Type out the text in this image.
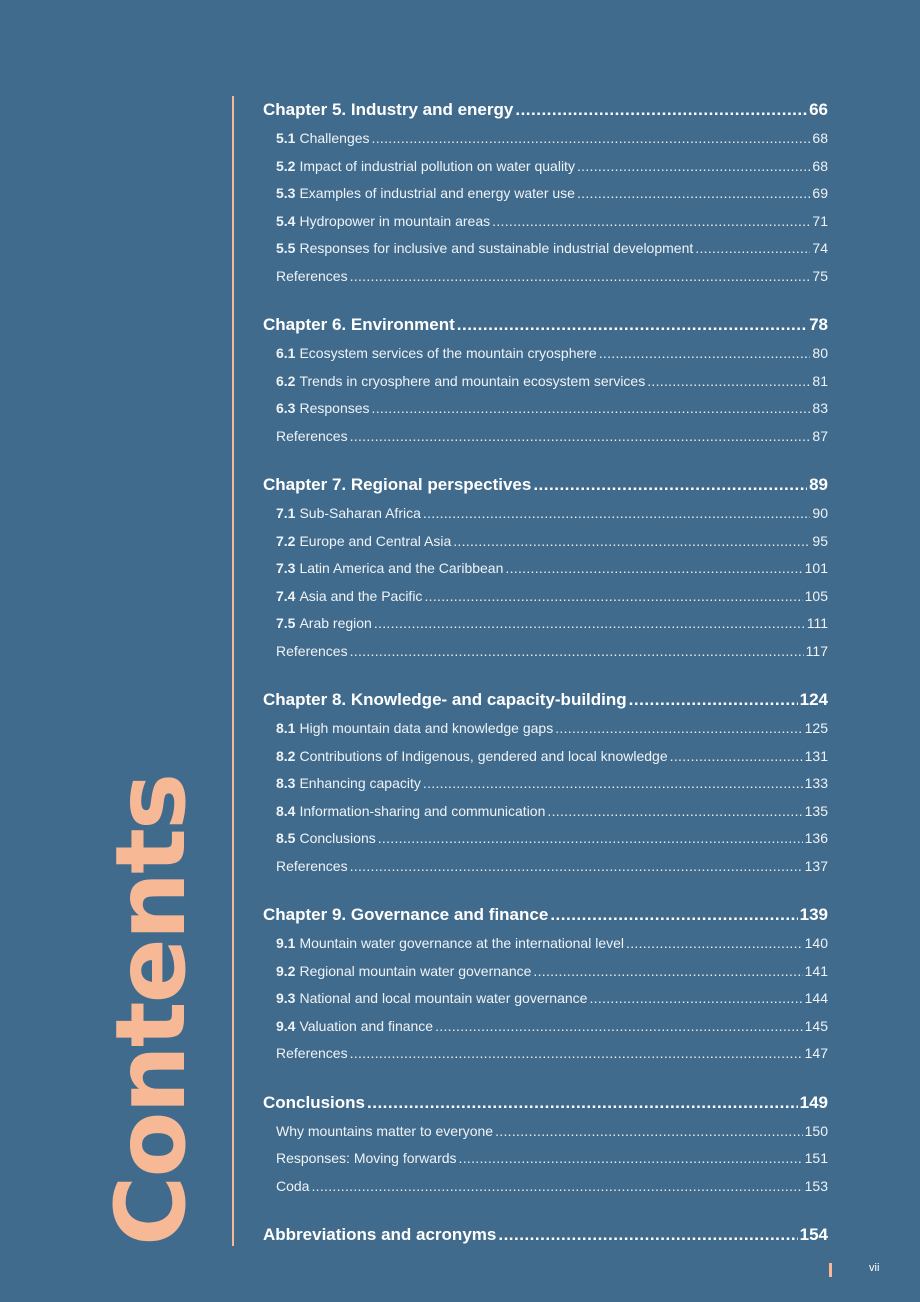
Contents
Chapter 5. Industry and energy .....	66
5.1 Challenges .....	68
5.2 Impact of industrial pollution on water quality .....	68
5.3 Examples of industrial and energy water use .....	69
5.4 Hydropower in mountain areas .....	71
5.5 Responses for inclusive and sustainable industrial development .....	74
References .....	75
Chapter 6. Environment .....	78
6.1 Ecosystem services of the mountain cryosphere .....	80
6.2 Trends in cryosphere and mountain ecosystem services .....	81
6.3 Responses .....	83
References .....	87
Chapter 7. Regional perspectives .....	89
7.1 Sub-Saharan Africa .....	90
7.2 Europe and Central Asia .....	95
7.3 Latin America and the Caribbean .....	101
7.4 Asia and the Pacific .....	105
7.5 Arab region .....	111
References .....	117
Chapter 8. Knowledge- and capacity-building .....	124
8.1 High mountain data and knowledge gaps .....	125
8.2 Contributions of Indigenous, gendered and local knowledge .....	131
8.3 Enhancing capacity .....	133
8.4 Information-sharing and communication .....	135
8.5 Conclusions .....	136
References .....	137
Chapter 9. Governance and finance .....	139
9.1 Mountain water governance at the international level .....	140
9.2 Regional mountain water governance .....	141
9.3 National and local mountain water governance .....	144
9.4 Valuation and finance .....	145
References .....	147
Conclusions .....	149
Why mountains matter to everyone .....	150
Responses: Moving forwards .....	151
Coda .....	153
Abbreviations and acronyms .....	154
vii
